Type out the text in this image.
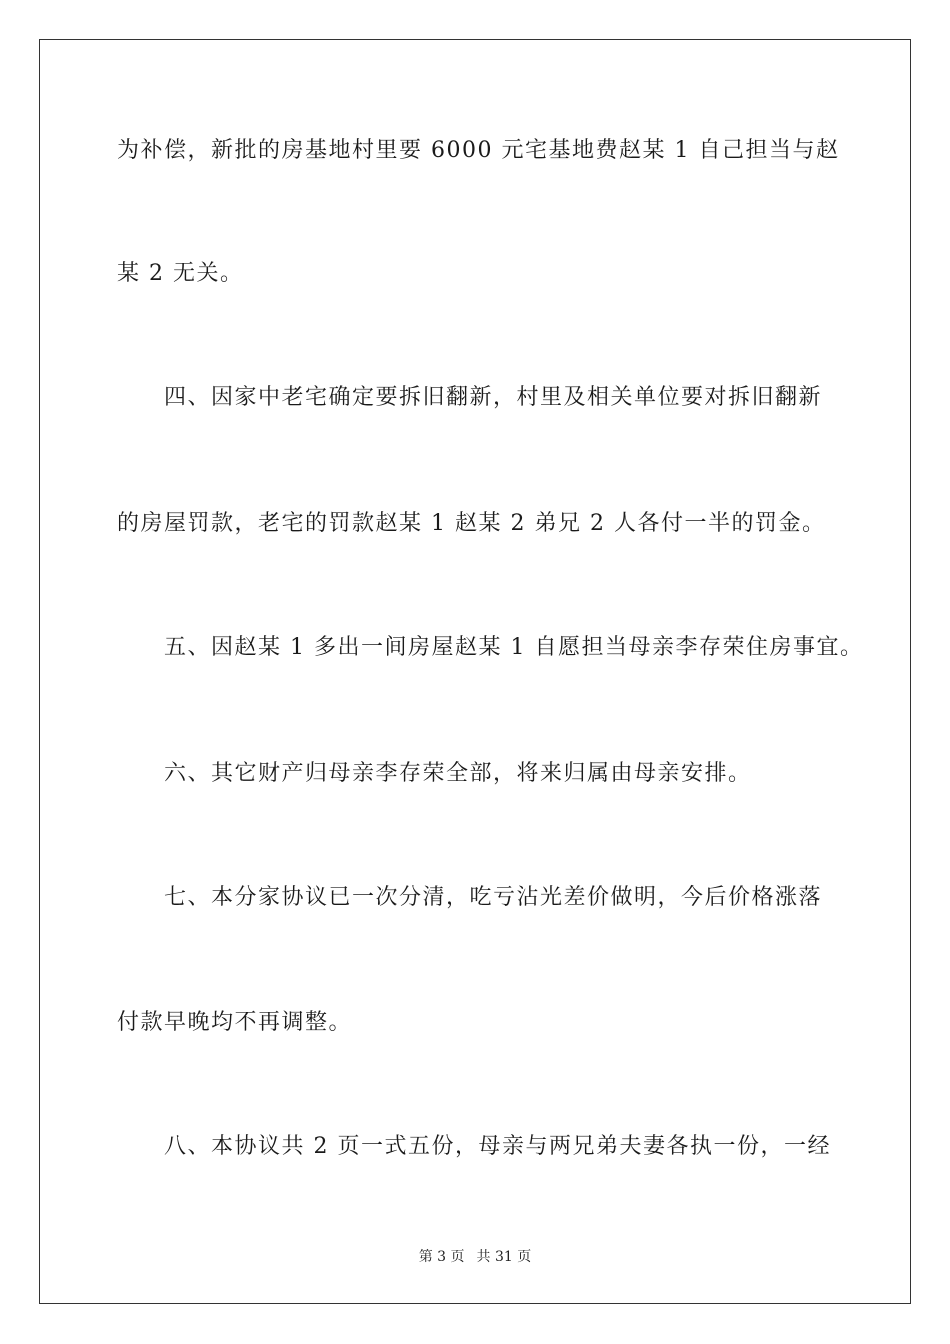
为补偿，新批的房基地村里要 6000 元宅基地费赵某 1 自己担当与赵
某 2 无关。
　　四、因家中老宅确定要拆旧翻新，村里及相关单位要对拆旧翻新
的房屋罚款，老宅的罚款赵某 1 赵某 2 弟兄 2 人各付一半的罚金。
　　五、因赵某 1 多出一间房屋赵某 1 自愿担当母亲李存荣住房事宜。
　　六、其它财产归母亲李存荣全部，将来归属由母亲安排。
　　七、本分家协议已一次分清，吃亏沾光差价做明，今后价格涨落
付款早晚均不再调整。
　　八、本协议共 2 页一式五份，母亲与两兄弟夫妻各执一份，一经
第 3 页 共 31 页
